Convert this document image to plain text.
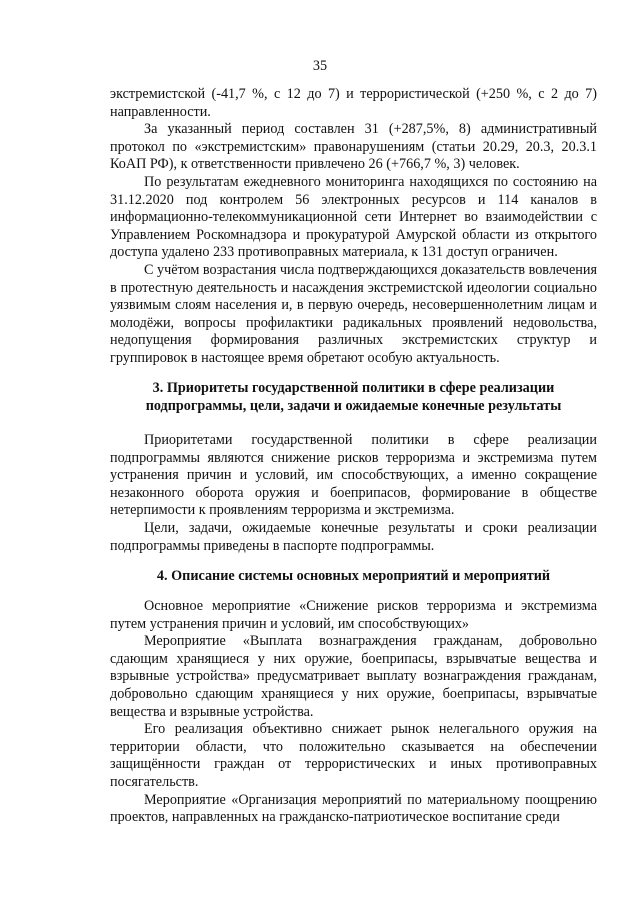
35

экстремистской (-41,7 %, с 12 до 7) и террористической (+250 %, с 2 до 7) направленности.

За указанный период составлен 31 (+287,5%, 8) административный протокол по «экстремистским» правонарушениям (статьи 20.29, 20.3, 20.3.1 КоАП РФ), к ответственности привлечено 26 (+766,7 %, 3) человек.

По результатам ежедневного мониторинга находящихся по состоянию на 31.12.2020 под контролем 56 электронных ресурсов и 114 каналов в информационно-телекоммуникационной сети Интернет во взаимодействии с Управлением Роскомнадзора и прокуратурой Амурской области из открытого доступа удалено 233 противоправных материала, к 131 доступ ограничен.

С учётом возрастания числа подтверждающихся доказательств вовлечения в протестную деятельность и насаждения экстремистской идеологии социально уязвимым слоям населения и, в первую очередь, несовершеннолетним лицам и молодёжи, вопросы профилактики радикальных проявлений недовольства, недопущения формирования различных экстремистских структур и группировок в настоящее время обретают особую актуальность.

3. Приоритеты государственной политики в сфере реализации

подпрограммы, цели, задачи и ожидаемые конечные результаты

Приоритетами государственной политики в сфере реализации подпрограммы являются снижение рисков терроризма и экстремизма путем устранения причин и условий, им способствующих, а именно сокращение незаконного оборота оружия и боеприпасов, формирование в обществе нетерпимости к проявлениям терроризма и экстремизма.

Цели, задачи, ожидаемые конечные результаты и сроки реализации подпрограммы приведены в паспорте подпрограммы.

4. Описание системы основных мероприятий и мероприятий

Основное мероприятие «Снижение рисков терроризма и экстремизма путем устранения причин и условий, им способствующих»

Мероприятие «Выплата вознаграждения гражданам, добровольно сдающим хранящиеся у них оружие, боеприпасы, взрывчатые вещества и взрывные устройства» предусматривает выплату вознаграждения гражданам, добровольно сдающим хранящиеся у них оружие, боеприпасы, взрывчатые вещества и взрывные устройства.

Его реализация объективно снижает рынок нелегального оружия на территории области, что положительно сказывается на обеспечении защищённости граждан от террористических и иных противоправных посягательств.

Мероприятие «Организация мероприятий по материальному поощрению проектов, направленных на гражданско-патриотическое воспитание среди
